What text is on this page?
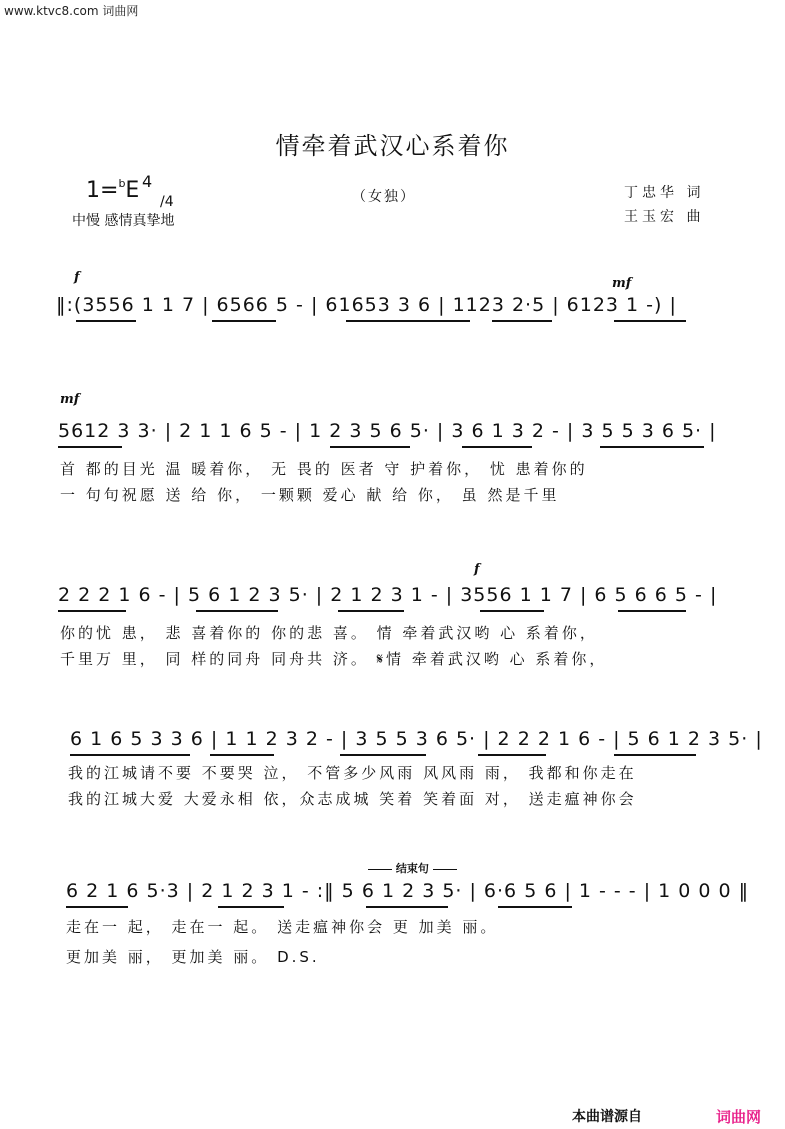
www.ktvc8.com 词曲网
情牵着武汉心系着你
1=$^b$E 4
/4	（女独）	丁忠华 词
王玉宏 曲
中慢 感情真挚地
f	mf
‖:(3556 1 1 7 | 6566 5 - | 61653 3 6 | 1123 2·5 | 6123 1 -) |
mf
5612 3 3· | 2 1 1 6 5 - | 1 2 3 5 6 5· | 3 6 1 3 2 - | 3 5 5 3 6 5· |
首 都的目光 温 暖着你， 无 畏的 医者 守 护着你， 忧 患着你的
一 句句祝愿 送 给 你， 一颗颗 爱心 献 给 你， 虽 然是千里
f
2 2 2 1 6 - | 5 6 1 2 3 5· | 2 1 2 3 1 - | 3556 1 1 7 | 6 5 6 6 5 - |
你的忧 患， 悲 喜着你的 你的悲 喜。 情 牵着武汉哟 心 系着你，
千里万 里， 同 样的同舟 同舟共 济。 𝄋情 牵着武汉哟 心 系着你，
6 1 6 5 3 3 6 | 1 1 2 3 2 - | 3 5 5 3 6 5· | 2 2 2 1 6 - | 5 6 1 2 3 5· |
我的江城请不要 不要哭 泣， 不管多少风雨 风风雨 雨， 我都和你走在
我的江城大爱 大爱永相 依，众志成城 笑着 笑着面 对， 送走瘟神你会
结束句
6 2 1 6 5·3 | 2 1 2 3 1 - :‖ 5 6 1 2 3 5· | 6·6 5 6 | 1 - - - | 1 0 0 0 ‖
走在一 起， 走在一 起。 送走瘟神你会 更 加美 丽。
更加美 丽， 更加美 丽。 D.S.
本曲谱源自	词曲网
